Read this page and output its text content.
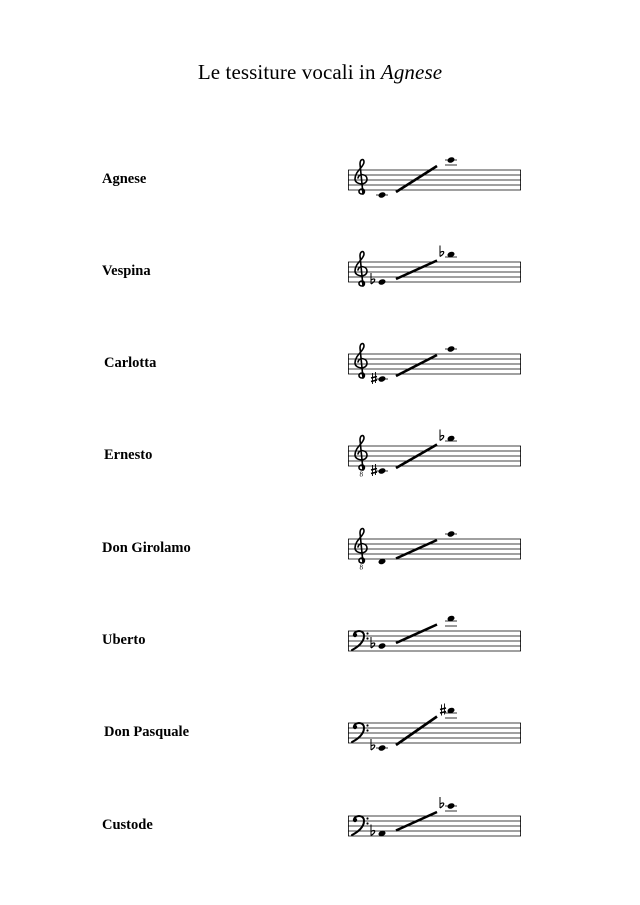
Le tessiture vocali in Agnese
Agnese
Vespina
Carlotta
Ernesto
Don Girolamo
Uberto
Don Pasquale
Custode
8
8
